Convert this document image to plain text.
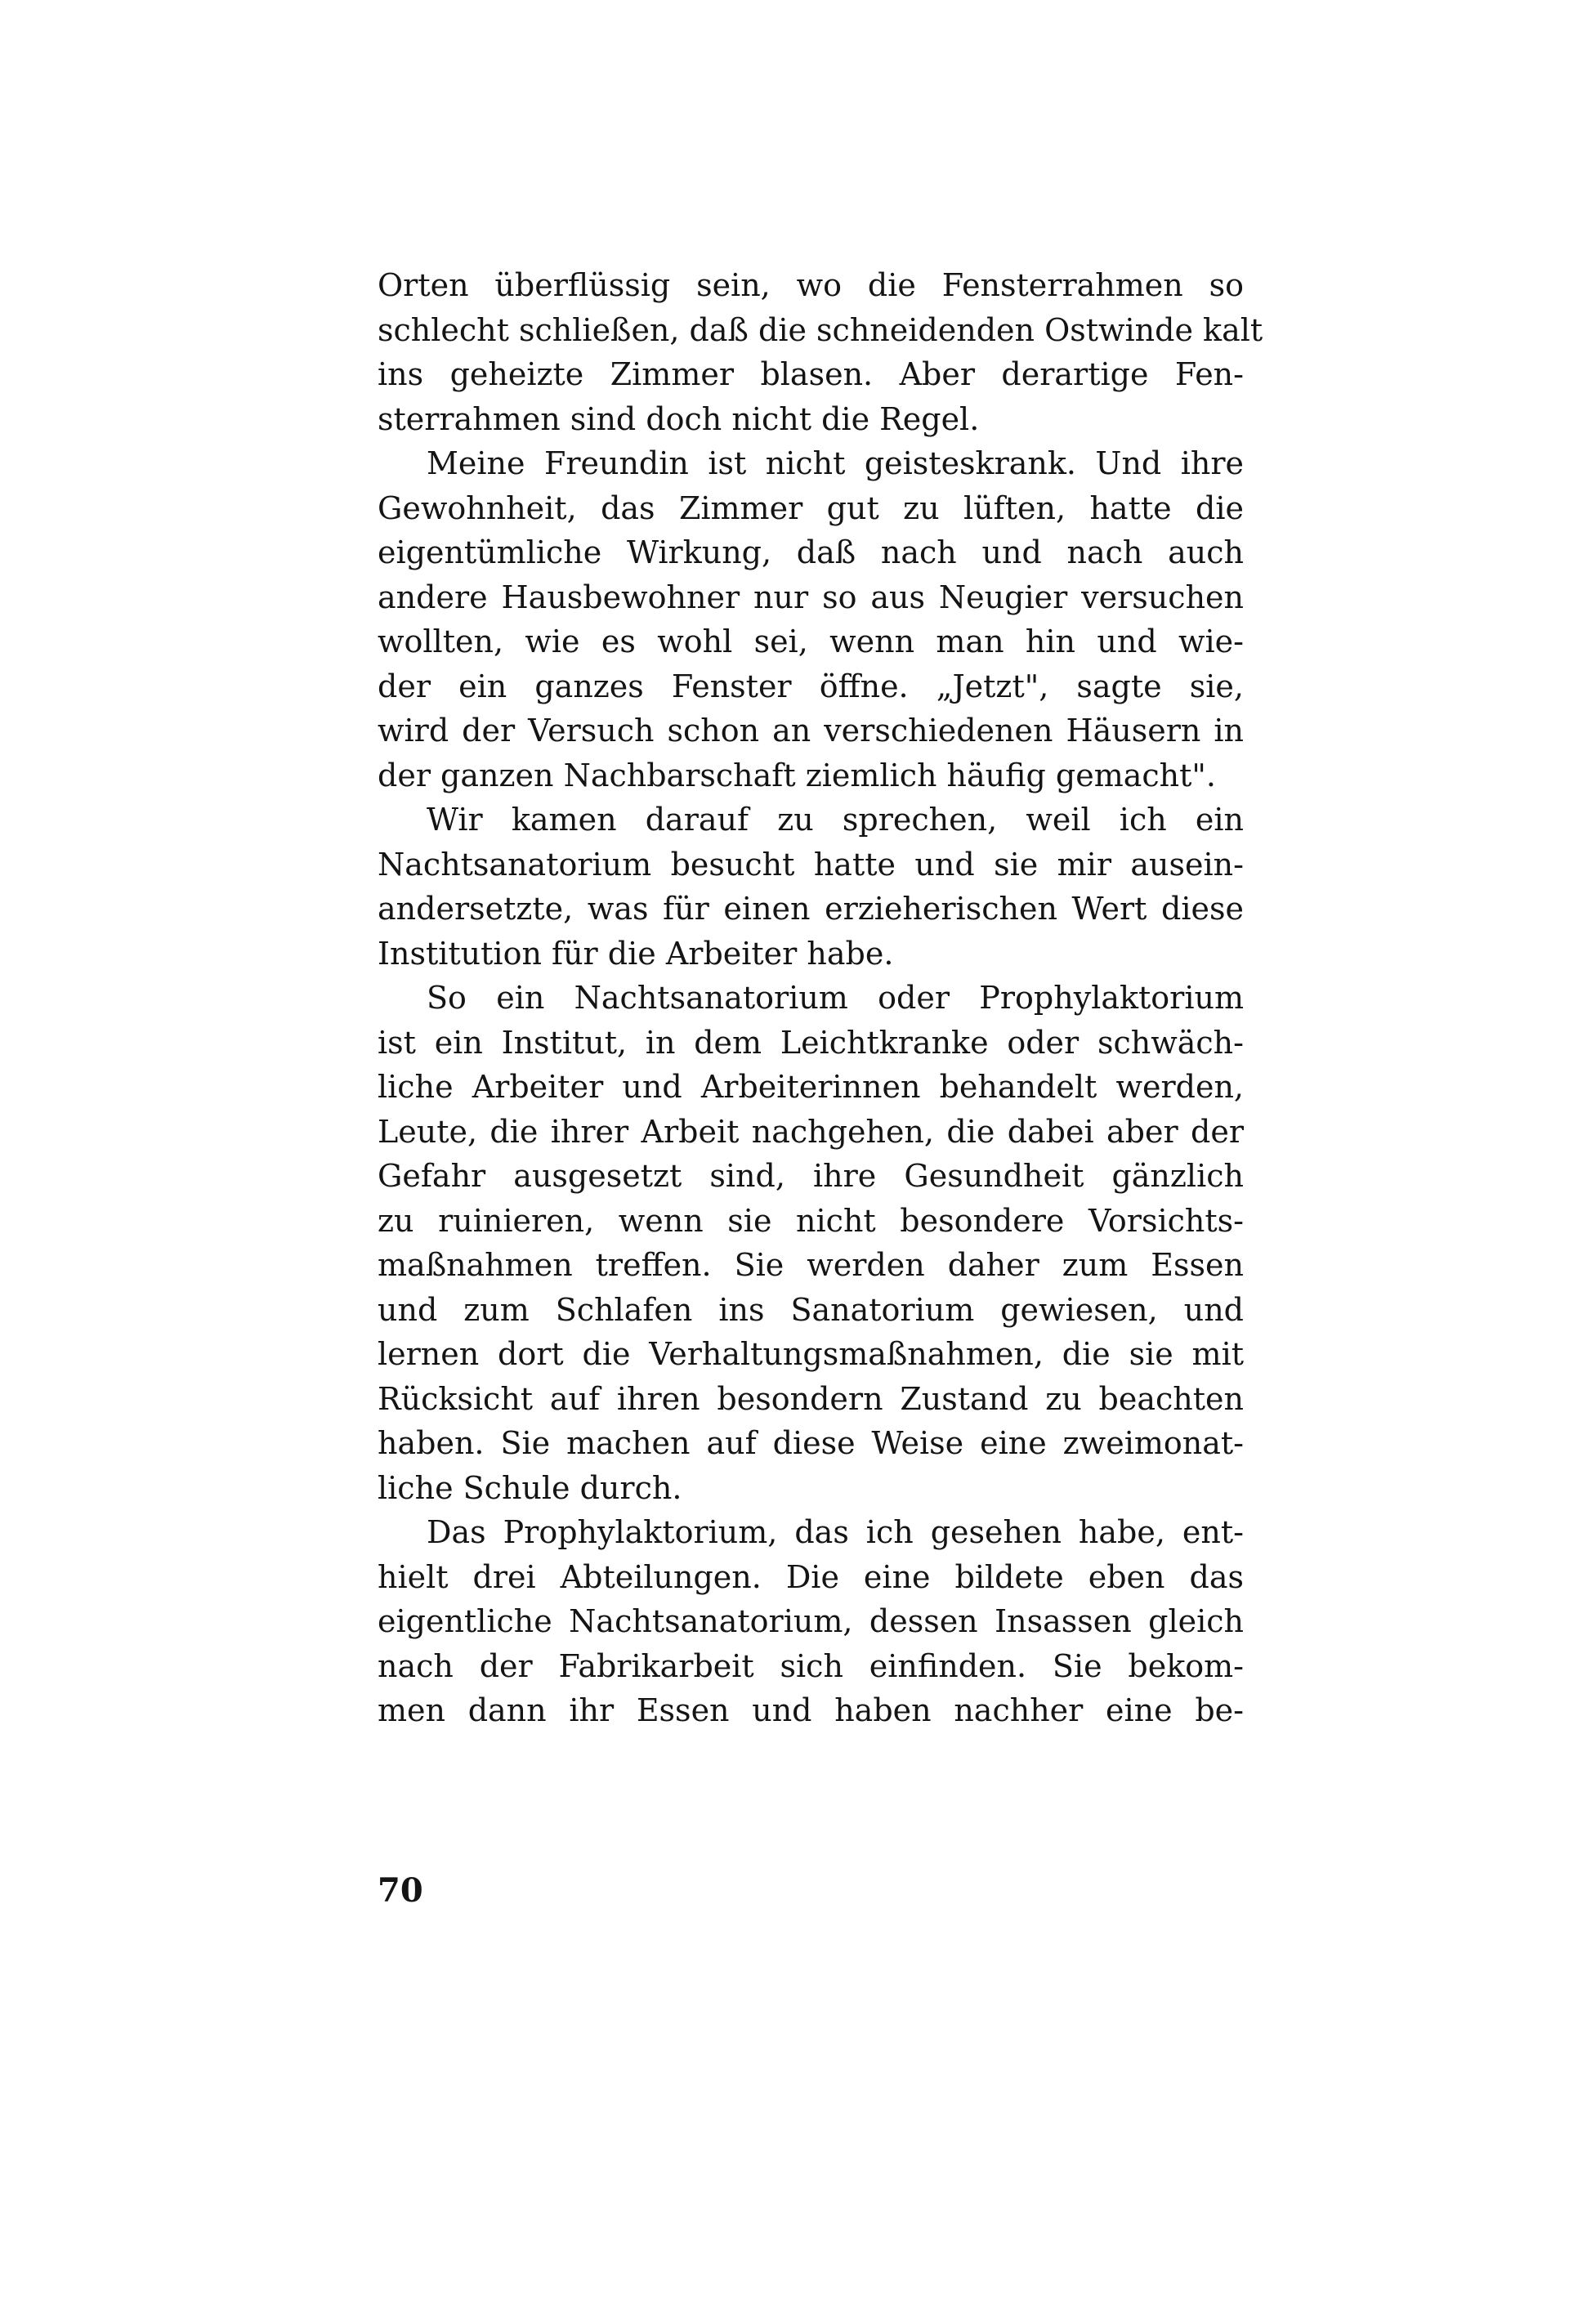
Orten überflüssig sein, wo die Fensterrahmen so
schlecht schließen, daß die schneidenden Ostwinde kalt
ins geheizte Zimmer blasen. Aber derartige Fen-
sterrahmen sind doch nicht die Regel.
Meine Freundin ist nicht geisteskrank. Und ihre
Gewohnheit, das Zimmer gut zu lüften, hatte die
eigentümliche Wirkung, daß nach und nach auch
andere Hausbewohner nur so aus Neugier versuchen
wollten, wie es wohl sei, wenn man hin und wie-
der ein ganzes Fenster öffne. „Jetzt", sagte sie,
wird der Versuch schon an verschiedenen Häusern in
der ganzen Nachbarschaft ziemlich häufig gemacht".
Wir kamen darauf zu sprechen, weil ich ein
Nachtsanatorium besucht hatte und sie mir ausein-
andersetzte, was für einen erzieherischen Wert diese
Institution für die Arbeiter habe.
So ein Nachtsanatorium oder Prophylaktorium
ist ein Institut, in dem Leichtkranke oder schwäch-
liche Arbeiter und Arbeiterinnen behandelt werden,
Leute, die ihrer Arbeit nachgehen, die dabei aber der
Gefahr ausgesetzt sind, ihre Gesundheit gänzlich
zu ruinieren, wenn sie nicht besondere Vorsichts-
maßnahmen treffen. Sie werden daher zum Essen
und zum Schlafen ins Sanatorium gewiesen, und
lernen dort die Verhaltungsmaßnahmen, die sie mit
Rücksicht auf ihren besondern Zustand zu beachten
haben. Sie machen auf diese Weise eine zweimonat-
liche Schule durch.
Das Prophylaktorium, das ich gesehen habe, ent-
hielt drei Abteilungen. Die eine bildete eben das
eigentliche Nachtsanatorium, dessen Insassen gleich
nach der Fabrikarbeit sich einfinden. Sie bekom-
men dann ihr Essen und haben nachher eine be-
70
